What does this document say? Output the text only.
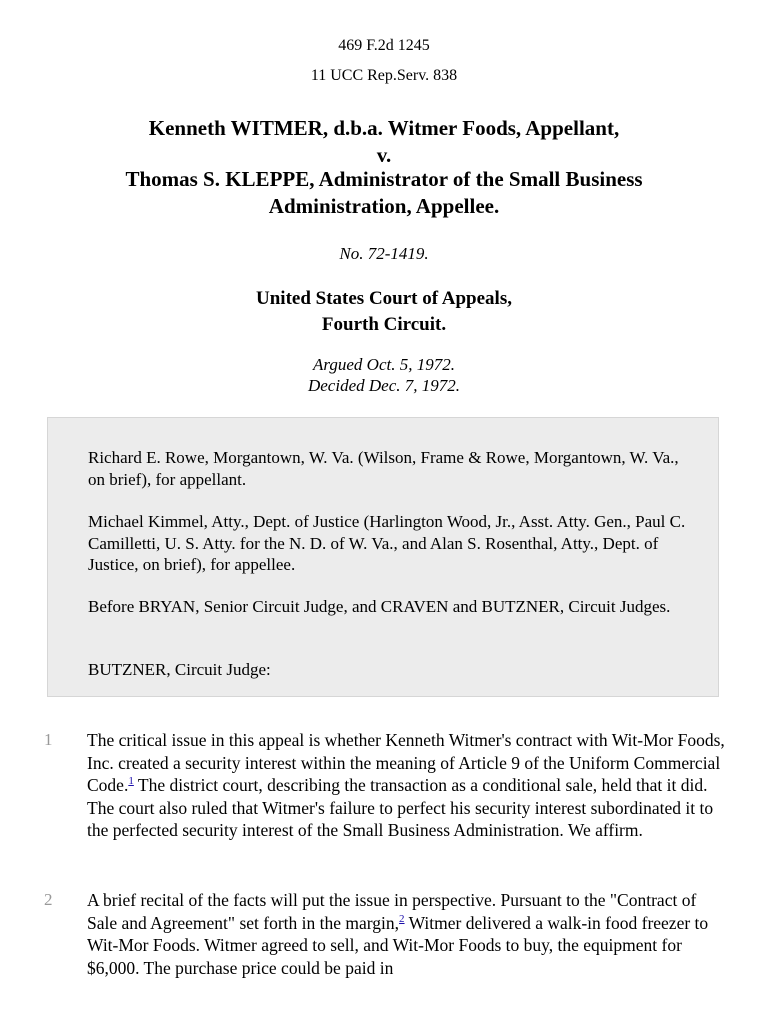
469 F.2d 1245
11 UCC Rep.Serv. 838
Kenneth WITMER, d.b.a. Witmer Foods, Appellant,
v.
Thomas S. KLEPPE, Administrator of the Small Business
Administration, Appellee.
No. 72-1419.
United States Court of Appeals,
Fourth Circuit.
Argued Oct. 5, 1972.
Decided Dec. 7, 1972.

Richard E. Rowe, Morgantown, W. Va. (Wilson, Frame & Rowe, Morgantown, W. Va., on brief), for appellant.

Michael Kimmel, Atty., Dept. of Justice (Harlington Wood, Jr., Asst. Atty. Gen., Paul C. Camilletti, U. S. Atty. for the N. D. of W. Va., and Alan S. Rosenthal, Atty., Dept. of Justice, on brief), for appellee.

Before BRYAN, Senior Circuit Judge, and CRAVEN and BUTZNER, Circuit Judges.

BUTZNER, Circuit Judge:

1	The critical issue in this appeal is whether Kenneth Witmer's contract with Wit-Mor Foods, Inc. created a security interest within the meaning of Article 9 of the Uniform Commercial Code.$^1$ The district court, describing the transaction as a conditional sale, held that it did. The court also ruled that Witmer's failure to perfect his security interest subordinated it to the perfected security interest of the Small Business Administration. We affirm.

2	A brief recital of the facts will put the issue in perspective. Pursuant to the "Contract of Sale and Agreement" set forth in the margin,$^2$ Witmer delivered a walk-in food freezer to Wit-Mor Foods. Witmer agreed to sell, and Wit-Mor Foods to buy, the equipment for $6,000. The purchase price could be paid in
